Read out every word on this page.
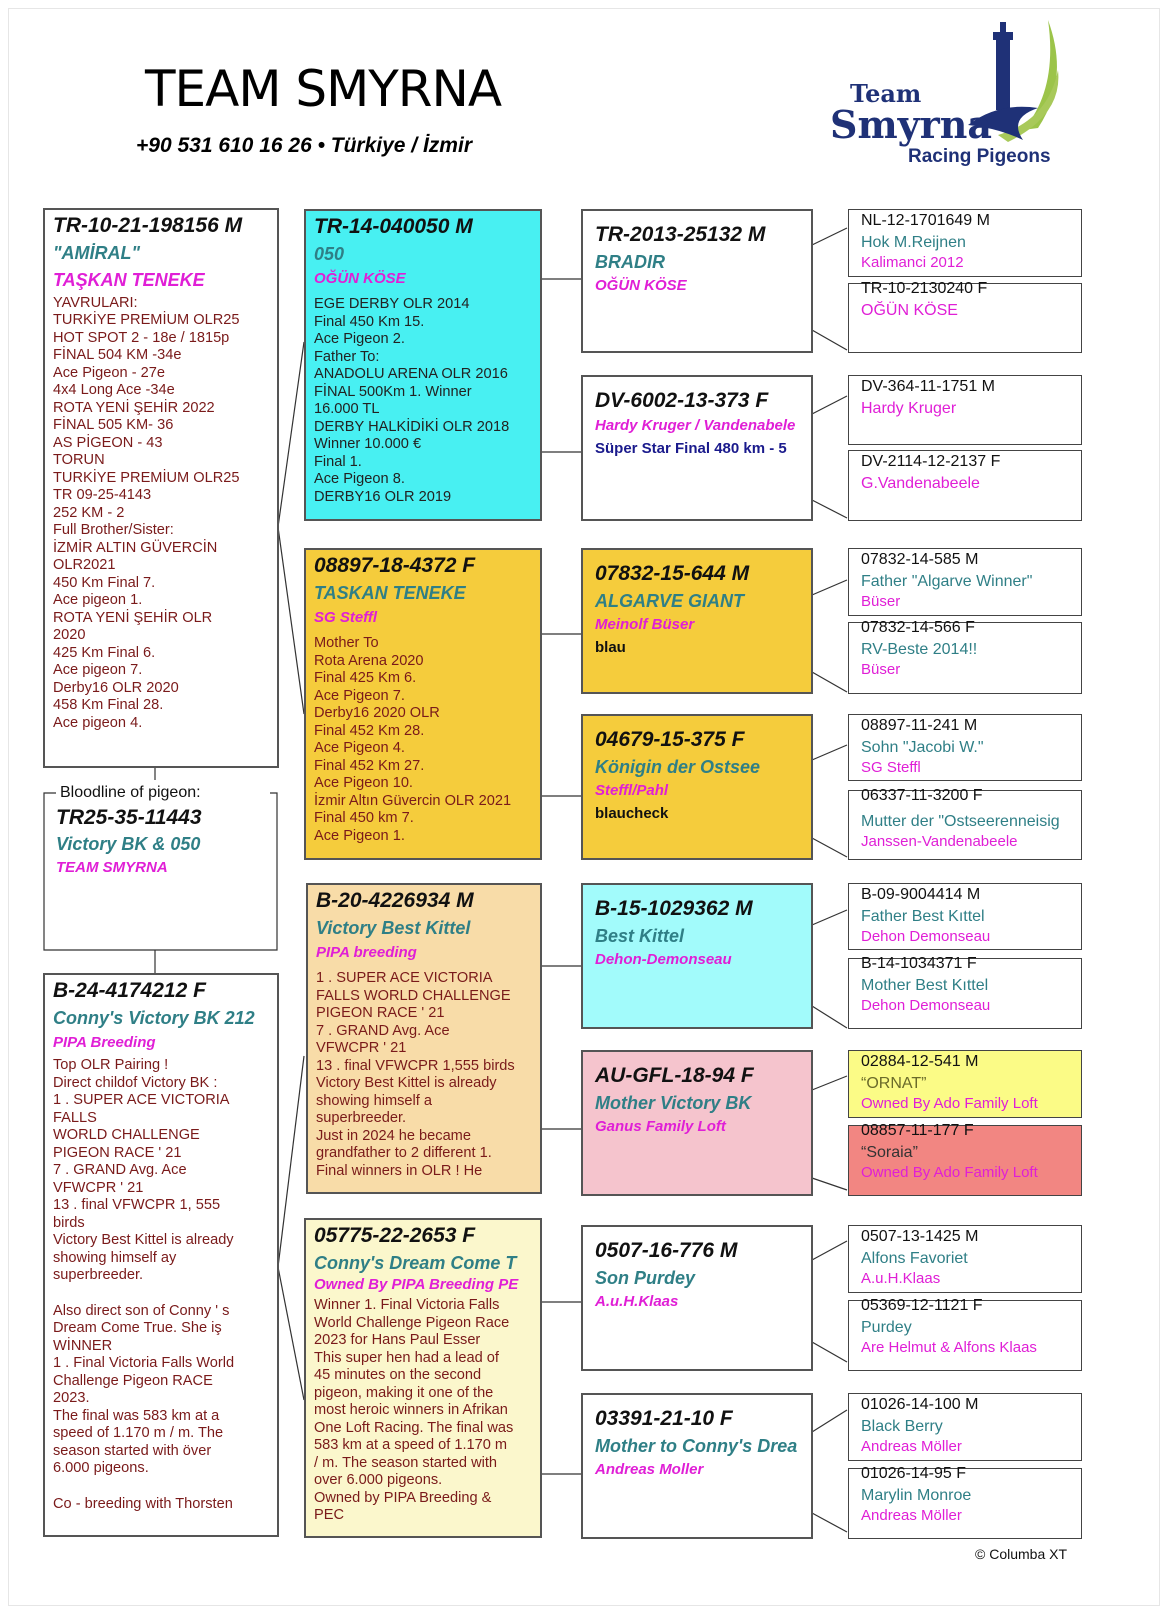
TEAM SMYRNA
+90 531 610 16 26 • Türkiye / İzmir
Team
Smyrna
Racing Pigeons
TR-10-21-198156 M
"AMİRAL"
TAŞKAN TENEKE
YAVRULARI:
TURKİYE PREMİUM OLR25
HOT SPOT 2 - 18e / 1815p
FİNAL 504 KM -34e
Ace Pigeon - 27e
4x4 Long Ace -34e
ROTA YENİ ŞEHİR 2022
FİNAL 505 KM- 36
AS PİGEON - 43
TORUN
TURKİYE PREMİUM OLR25
TR 09-25-4143
252 KM - 2
Full Brother/Sister:
İZMİR ALTIN GÜVERCİN
OLR2021
450 Km Final 7.
Ace pigeon 1.
ROTA YENİ ŞEHİR OLR
2020
425 Km Final 6.
Ace pigeon 7.
Derby16 OLR 2020
458 Km Final 28.
Ace pigeon 4.
Bloodline of pigeon:
TR25-35-11443
Victory BK & 050
TEAM SMYRNA
B-24-4174212 F
Conny's Victory BK 212
PIPA Breeding
Top OLR Pairing !
Direct childof Victory BK :
1 . SUPER ACE VICTORIA
FALLS
WORLD CHALLENGE
PIGEON RACE ' 21
7 . GRAND Avg. Ace
VFWCPR ' 21
13 . final VFWCPR 1, 555
birds
Victory Best Kittel is already
showing himself ay
superbreeder.
Also direct son of Conny ' s
Dream Come True. She iş
WİNNER
1 . Final Victoria Falls World
Challenge Pigeon RACE
2023.
The final was 583 km at a
speed of 1.170 m / m. The
season started with över
6.000 pigeons.
Co - breeding with Thorsten
TR-14-040050 M
050
OĞÜN KÖSE
EGE DERBY OLR 2014
Final 450 Km 15.
Ace Pigeon 2.
Father To:
ANADOLU ARENA OLR 2016
FİNAL 500Km 1. Winner
16.000 TL
DERBY HALKİDİKİ OLR 2018
Winner 10.000 €
Final 1.
Ace Pigeon 8.
DERBY16 OLR 2019
08897-18-4372 F
TASKAN TENEKE
SG Steffl
Mother To
Rota Arena 2020
Final 425 Km 6.
Ace Pigeon 7.
Derby16 2020 OLR
Final 452 Km 28.
Ace Pigeon 4.
Final 452 Km 27.
Ace Pigeon 10.
İzmir Altın Güvercin OLR 2021
Final 450 km 7.
Ace Pigeon 1.
B-20-4226934 M
Victory Best Kittel
PIPA breeding
1 . SUPER ACE VICTORIA
FALLS WORLD CHALLENGE
PIGEON RACE ' 21
7 . GRAND Avg. Ace
VFWCPR ' 21
13 . final VFWCPR 1,555 birds
Victory Best Kittel is already
showing himself a
superbreeder.
Just in 2024 he became
grandfather to 2 different 1.
Final winners in OLR ! He
05775-22-2653 F
Conny's Dream Come T
Owned By PIPA Breeding PE
Winner 1. Final Victoria Falls
World Challenge Pigeon Race
2023 for Hans Paul Esser
This super hen had a lead of
45 minutes on the second
pigeon, making it one of the
most heroic winners in Afrikan
One Loft Racing. The final was
583 km at a speed of 1.170 m
/ m. The season started with
over 6.000 pigeons.
Owned by PIPA Breeding &
PEC
TR-2013-25132 M
BRADIR
OĞÜN KÖSE
DV-6002-13-373 F
Hardy Kruger / Vandenabele
Süper Star Final 480 km - 5
07832-15-644 M
ALGARVE GIANT
Meinolf Büser
blau
04679-15-375 F
Königin der Ostsee
Steffl/Pahl
blaucheck
B-15-1029362 M
Best Kittel
Dehon-Demonseau
AU-GFL-18-94 F
Mother Victory BK
Ganus Family Loft
0507-16-776 M
Son Purdey
A.u.H.Klaas
03391-21-10 F
Mother to Conny's Drea
Andreas Moller
NL-12-1701649 M
Hok M.Reijnen
Kalimanci 2012
TR-10-2130240 F
OĞÜN KÖSE
DV-364-11-1751 M
Hardy Kruger
DV-2114-12-2137 F
G.Vandenabeele
07832-14-585 M
Father "Algarve Winner"
Büser
07832-14-566 F
RV-Beste 2014!!
Büser
08897-11-241 M
Sohn "Jacobi W."
SG Steffl
06337-11-3200 F
Mutter der "Ostseerenneisig
Janssen-Vandenabeele
B-09-9004414 M
Father Best Kıttel
Dehon Demonseau
B-14-1034371 F
Mother Best Kıttel
Dehon Demonseau
02884-12-541 M
“ORNAT”
Owned By Ado Family Loft
08857-11-177 F
“Soraia”
Owned By Ado Family Loft
0507-13-1425 M
Alfons Favoriet
A.u.H.Klaas
05369-12-1121 F
Purdey
Are Helmut & Alfons Klaas
01026-14-100 M
Black Berry
Andreas Möller
01026-14-95 F
Marylin Monroe
Andreas Möller
© Columba XT
